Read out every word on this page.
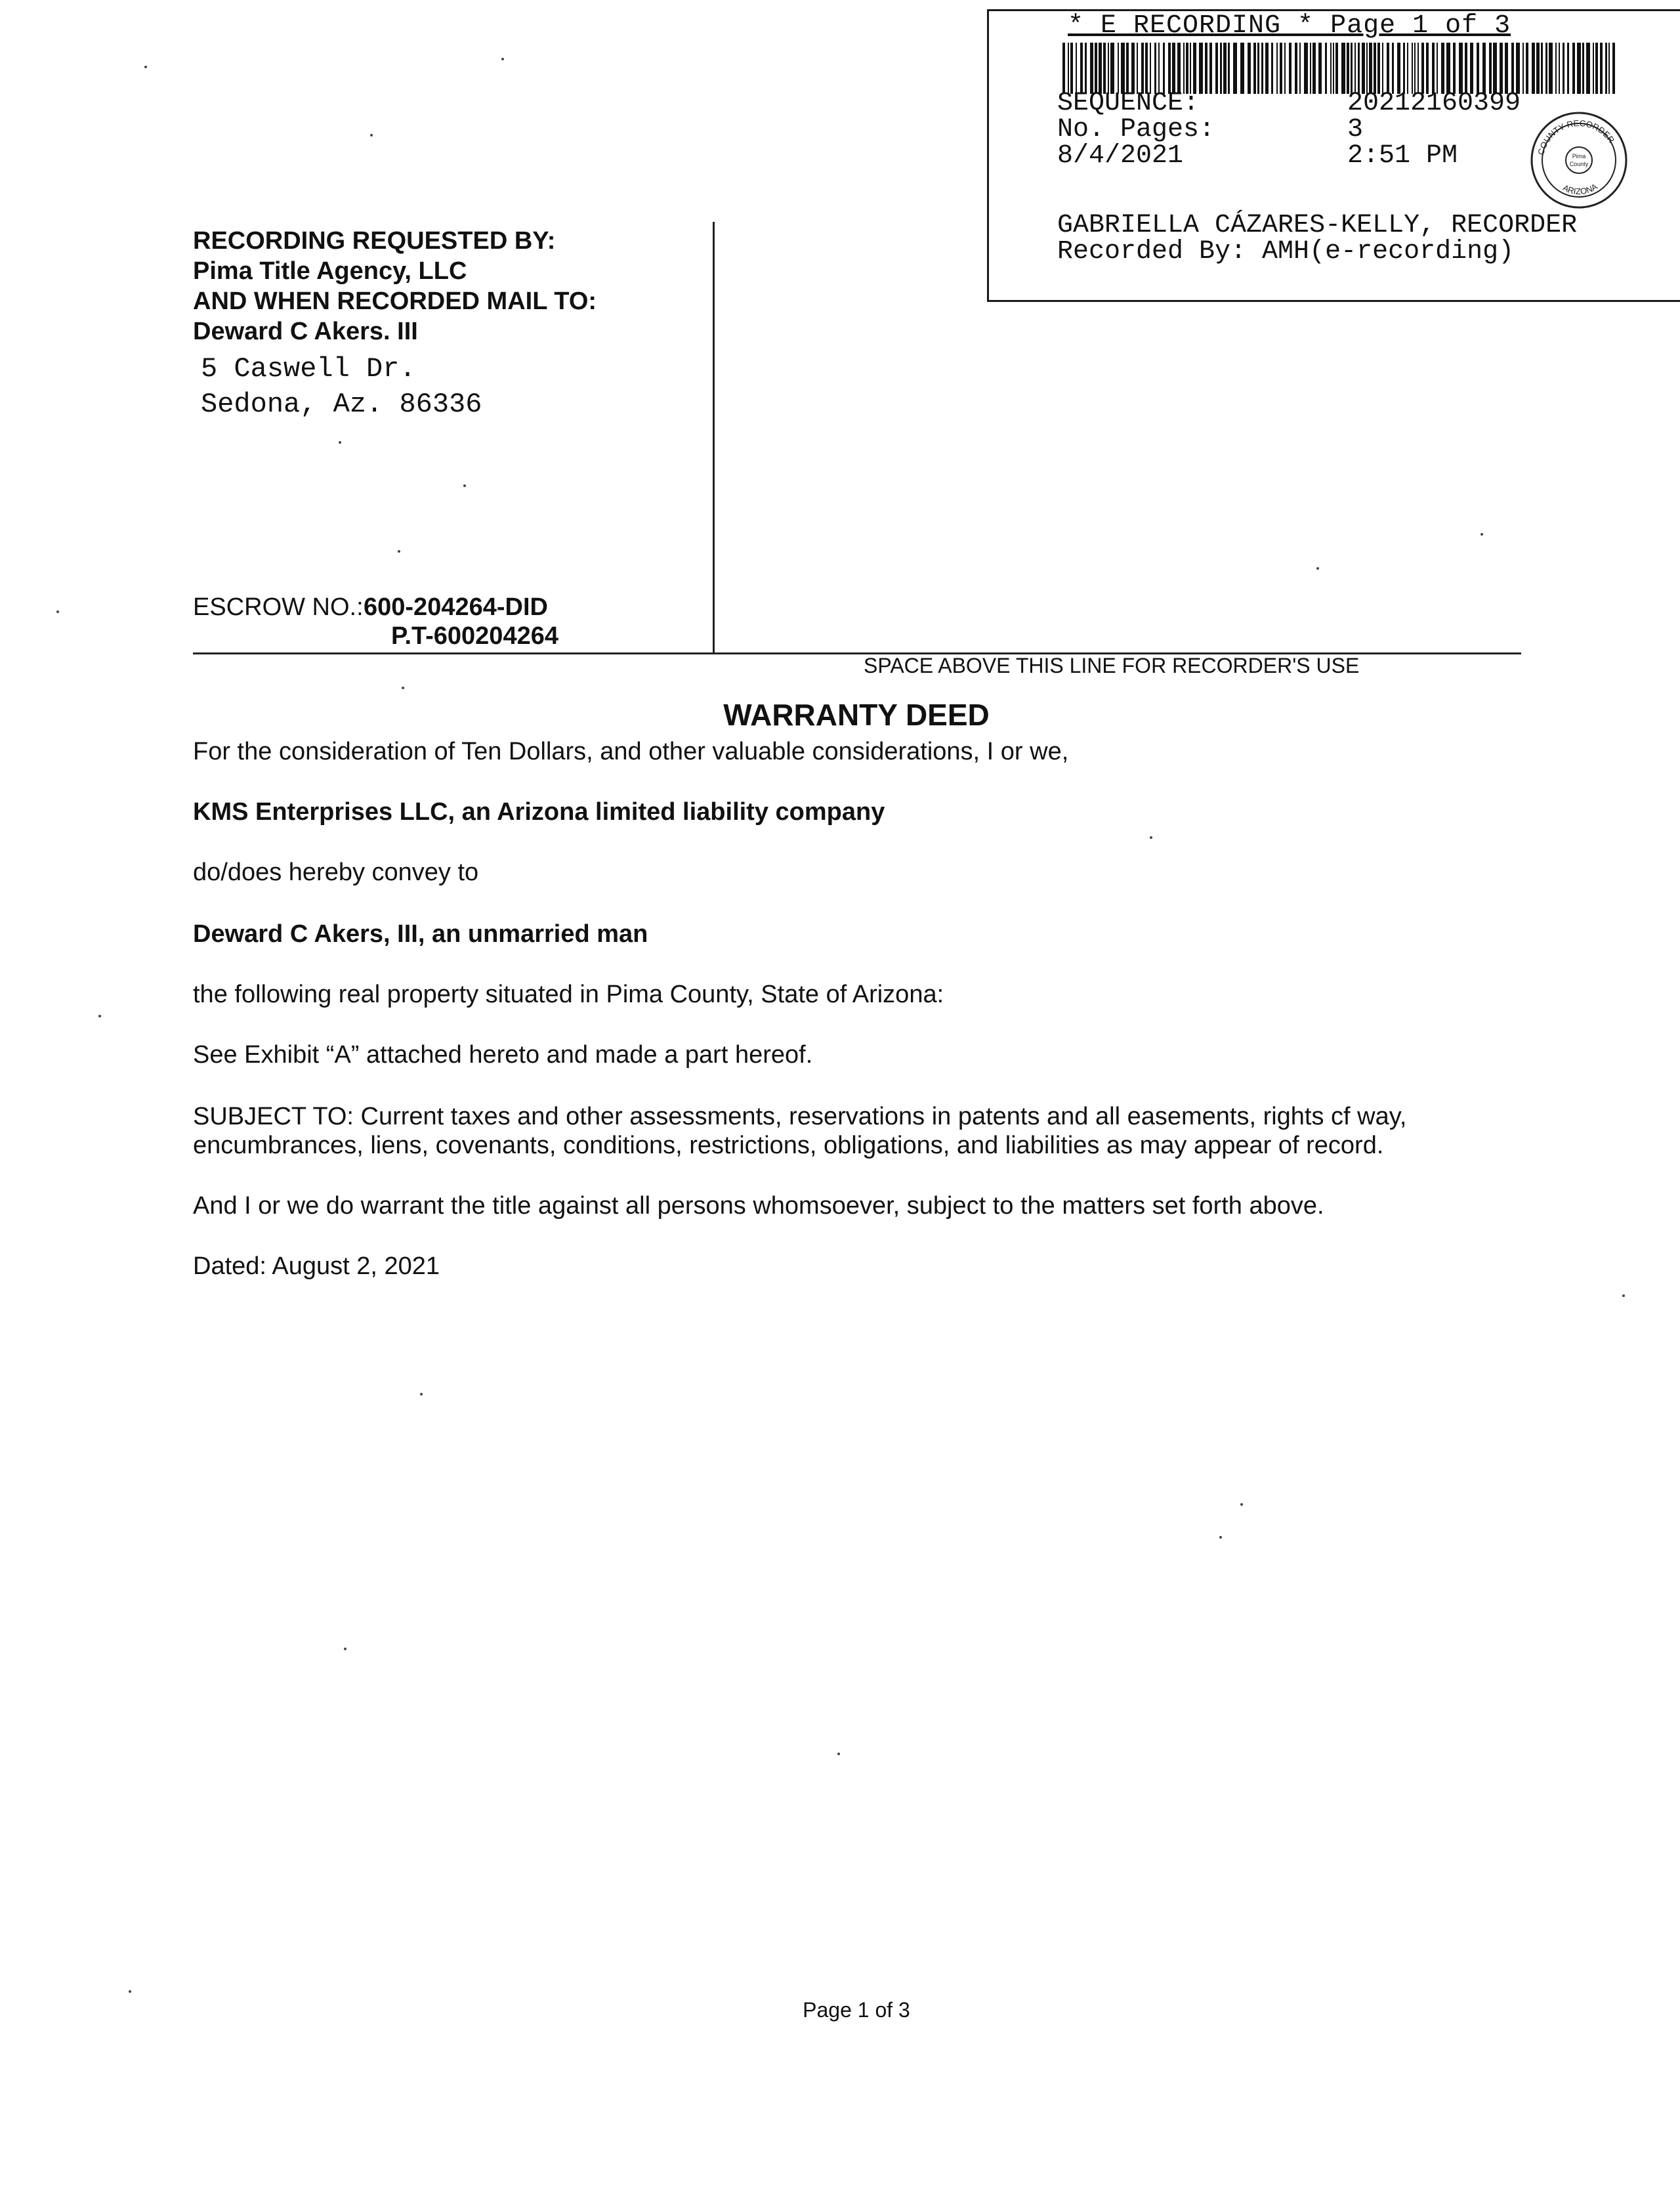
* E RECORDING * Page 1 of 3
SEQUENCE:	20212160399
No. Pages:	3
8/4/2021	2:51 PM	COUNTY RECORDER
ARIZONA
Pima
County
GABRIELLA CÁZARES-KELLY, RECORDER
Recorded By: AMH(e-recording)
RECORDING REQUESTED BY:
Pima Title Agency, LLC
AND WHEN RECORDED MAIL TO:
Deward C Akers. III
5 Caswell Dr.
Sedona, Az. 86336
ESCROW NO.: 600-204264-DID
P.T-600204264
SPACE ABOVE THIS LINE FOR RECORDER'S USE
WARRANTY DEED
For the consideration of Ten Dollars, and other valuable considerations, I or we,
KMS Enterprises LLC, an Arizona limited liability company
do/does hereby convey to
Deward C Akers, III, an unmarried man
the following real property situated in Pima County, State of Arizona:
See Exhibit “A” attached hereto and made a part hereof.
SUBJECT TO: Current taxes and other assessments, reservations in patents and all easements, rights cf way,
encumbrances, liens, covenants, conditions, restrictions, obligations, and liabilities as may appear of record.
And I or we do warrant the title against all persons whomsoever, subject to the matters set forth above.
Dated: August 2, 2021
Page 1 of 3
